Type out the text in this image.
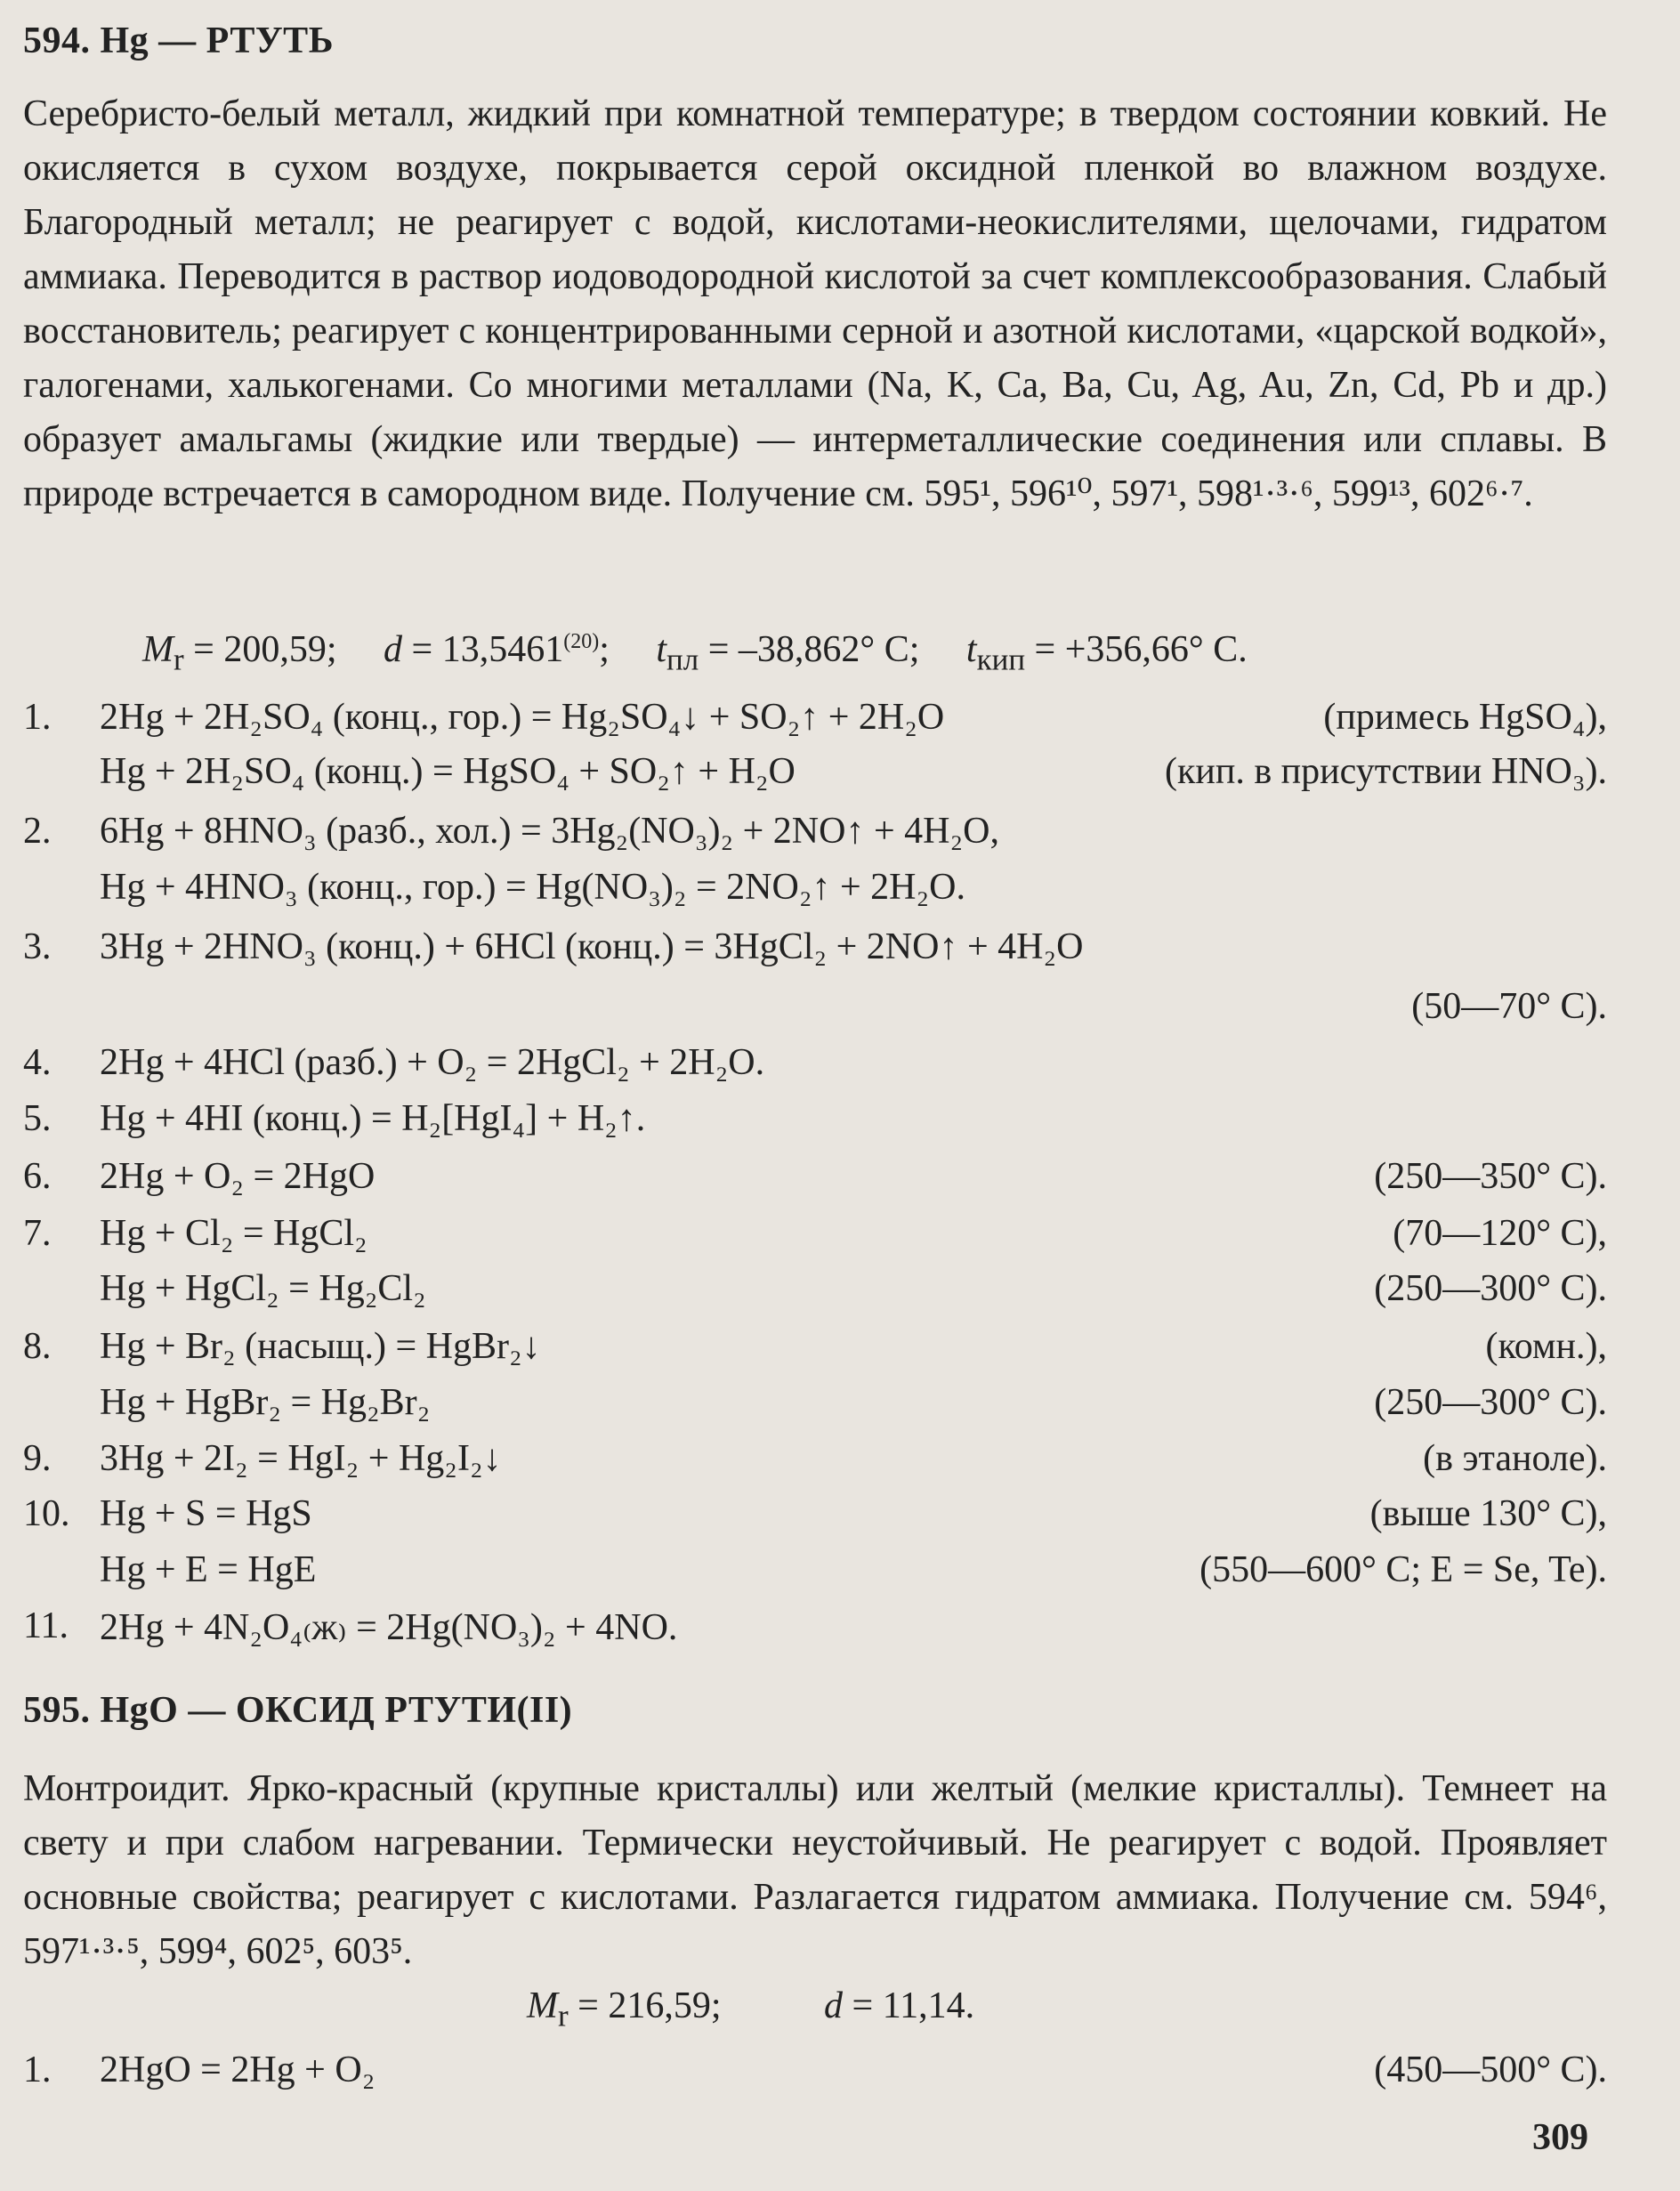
594. Hg — РТУТЬ
Серебристо-белый металл, жидкий при комнатной температуре; в твердом состоянии ковкий. Не окисляется в сухом воздухе, покрывается серой оксидной пленкой во влажном воздухе. Благородный металл; не реагирует с водой, кислотами-неокислителями, щелочами, гидратом аммиака. Переводится в раствор иодоводородной кислотой за счет комплексообразования. Слабый восстановитель; реагирует с концентрированными серной и азотной кислотами, «царской водкой», галогенами, халькогенами. Со многими металлами (Na, K, Ca, Ba, Cu, Ag, Au, Zn, Cd, Pb и др.) образует амальгамы (жидкие или твердые) — интерметаллические соединения или сплавы. В природе встречается в самородном виде. Получение см. 595¹, 596¹⁰, 597¹, 598¹·³·⁶, 599¹³, 602⁶·⁷.
$M_r = 200,59$; $d = 13,5461^{(20)}$; $t_{пл} = -38,862^\circ$ C; $t_{кип} = +356,66^\circ$ C.
1. 2Hg + 2H₂SO₄ (конц., гор.) = Hg₂SO₄↓ + SO₂↑ + 2H₂O	(примесь HgSO₄),
Hg + 2H₂SO₄ (конц.) = HgSO₄ + SO₂↑ + H₂O	(кип. в присутствии HNO₃).
2. 6Hg + 8HNO₃ (разб., хол.) = 3Hg₂(NO₃)₂ + 2NO↑ + 4H₂O,
Hg + 4HNO₃ (конц., гор.) = Hg(NO₃)₂ = 2NO₂↑ + 2H₂O.
3. 3Hg + 2HNO₃ (конц.) + 6HCl (конц.) = 3HgCl₂ + 2NO↑ + 4H₂O
(50—70° C).
4. 2Hg + 4HCl (разб.) + O₂ = 2HgCl₂ + 2H₂O.
5. Hg + 4HI (конц.) = H₂[HgI₄] + H₂↑.
6. 2Hg + O₂ = 2HgO	(250—350° C).
7. Hg + Cl₂ = HgCl₂	(70—120° C),
Hg + HgCl₂ = Hg₂Cl₂	(250—300° C).
8. Hg + Br₂ (насыщ.) = HgBr₂↓	(комн.),
Hg + HgBr₂ = Hg₂Br₂	(250—300° C).
9. 3Hg + 2I₂ = HgI₂ + Hg₂I₂↓	(в этаноле).
10. Hg + S = HgS	(выше 130° C),
Hg + E = HgE	(550—600° C; E = Se, Te).
11. 2Hg + 4N₂O₄₍ж₎ = 2Hg(NO₃)₂ + 4NO.
595. HgO — ОКСИД РТУТИ(II)
Монтроидит. Ярко-красный (крупные кристаллы) или желтый (мелкие кристаллы). Темнеет на свету и при слабом нагревании. Термически неустойчивый. Не реагирует с водой. Проявляет основные свойства; реагирует с кислотами. Разлагается гидратом аммиака. Получение см. 594⁶, 597¹·³·⁵, 599⁴, 602⁵, 603⁵.
$M_r = 216,59$;	d = 11,14.
1. 2HgO = 2Hg + O₂	(450—500° C).
309
